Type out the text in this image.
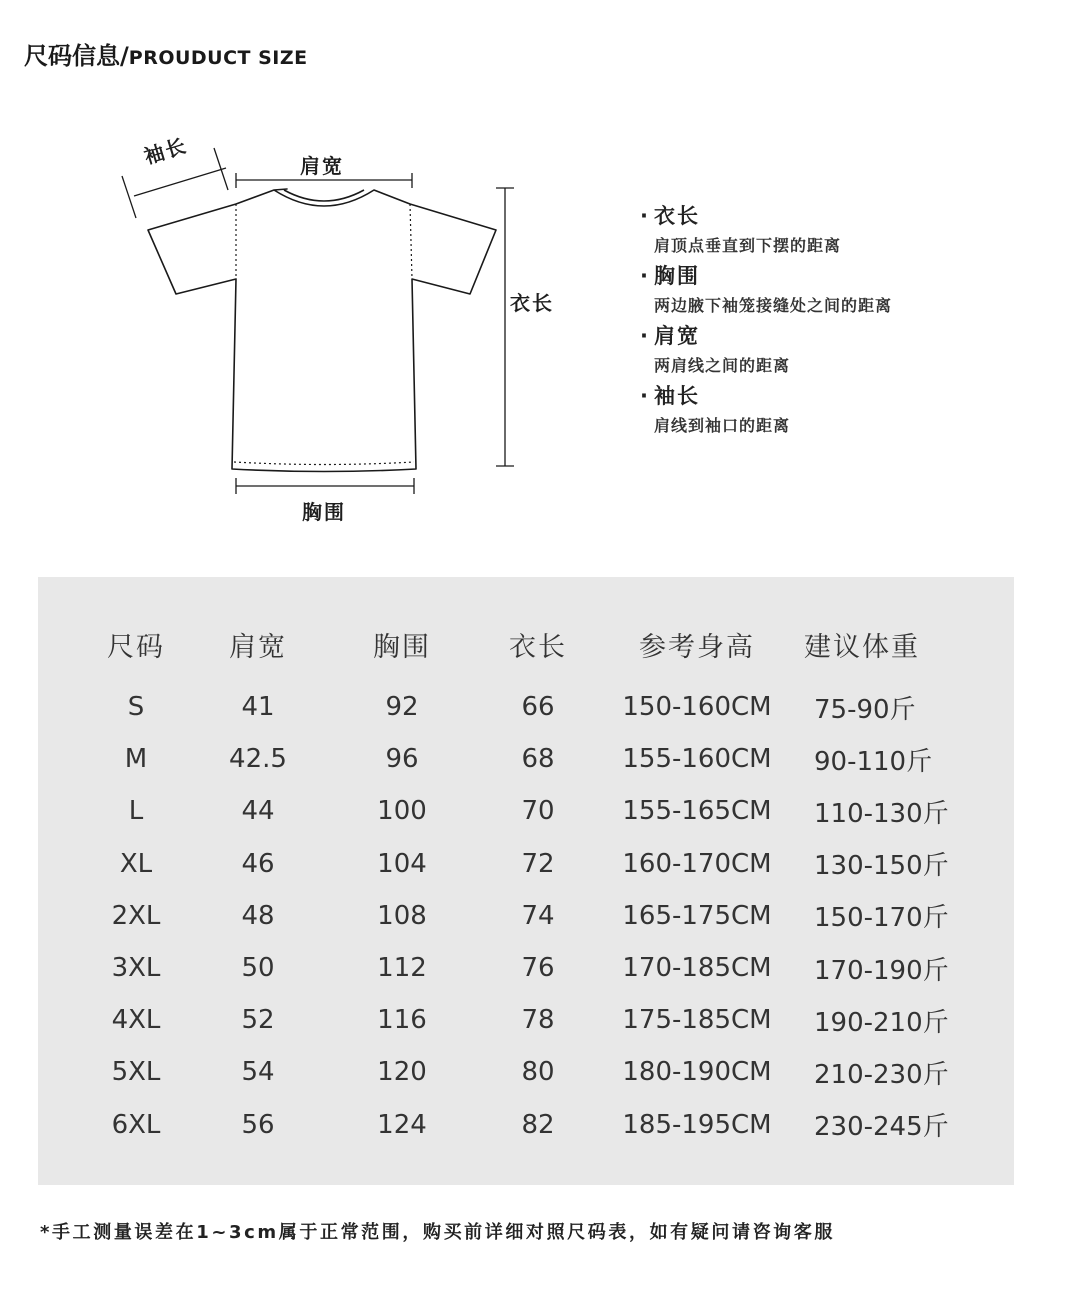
尺码信息/PROUDUCT SIZE
袖长	肩宽
衣长
胸围
· 衣长
肩顶点垂直到下摆的距离
· 胸围
两边腋下袖笼接缝处之间的距离
· 肩宽
两肩线之间的距离
· 袖长
肩线到袖口的距离
尺码	肩宽	胸围	衣长	参考身高	建议体重
S	41	92	66	150-160CM	75-90斤
M	42.5	96	68	155-160CM	90-110斤
L	44	100	70	155-165CM	110-130斤
XL	46	104	72	160-170CM	130-150斤
2XL	48	108	74	165-175CM	150-170斤
3XL	50	112	76	170-185CM	170-190斤
4XL	52	116	78	175-185CM	190-210斤
5XL	54	120	80	180-190CM	210-230斤
6XL	56	124	82	185-195CM	230-245斤
*手工测量误差在1~3cm属于正常范围，购买前详细对照尺码表，如有疑问请咨询客服
